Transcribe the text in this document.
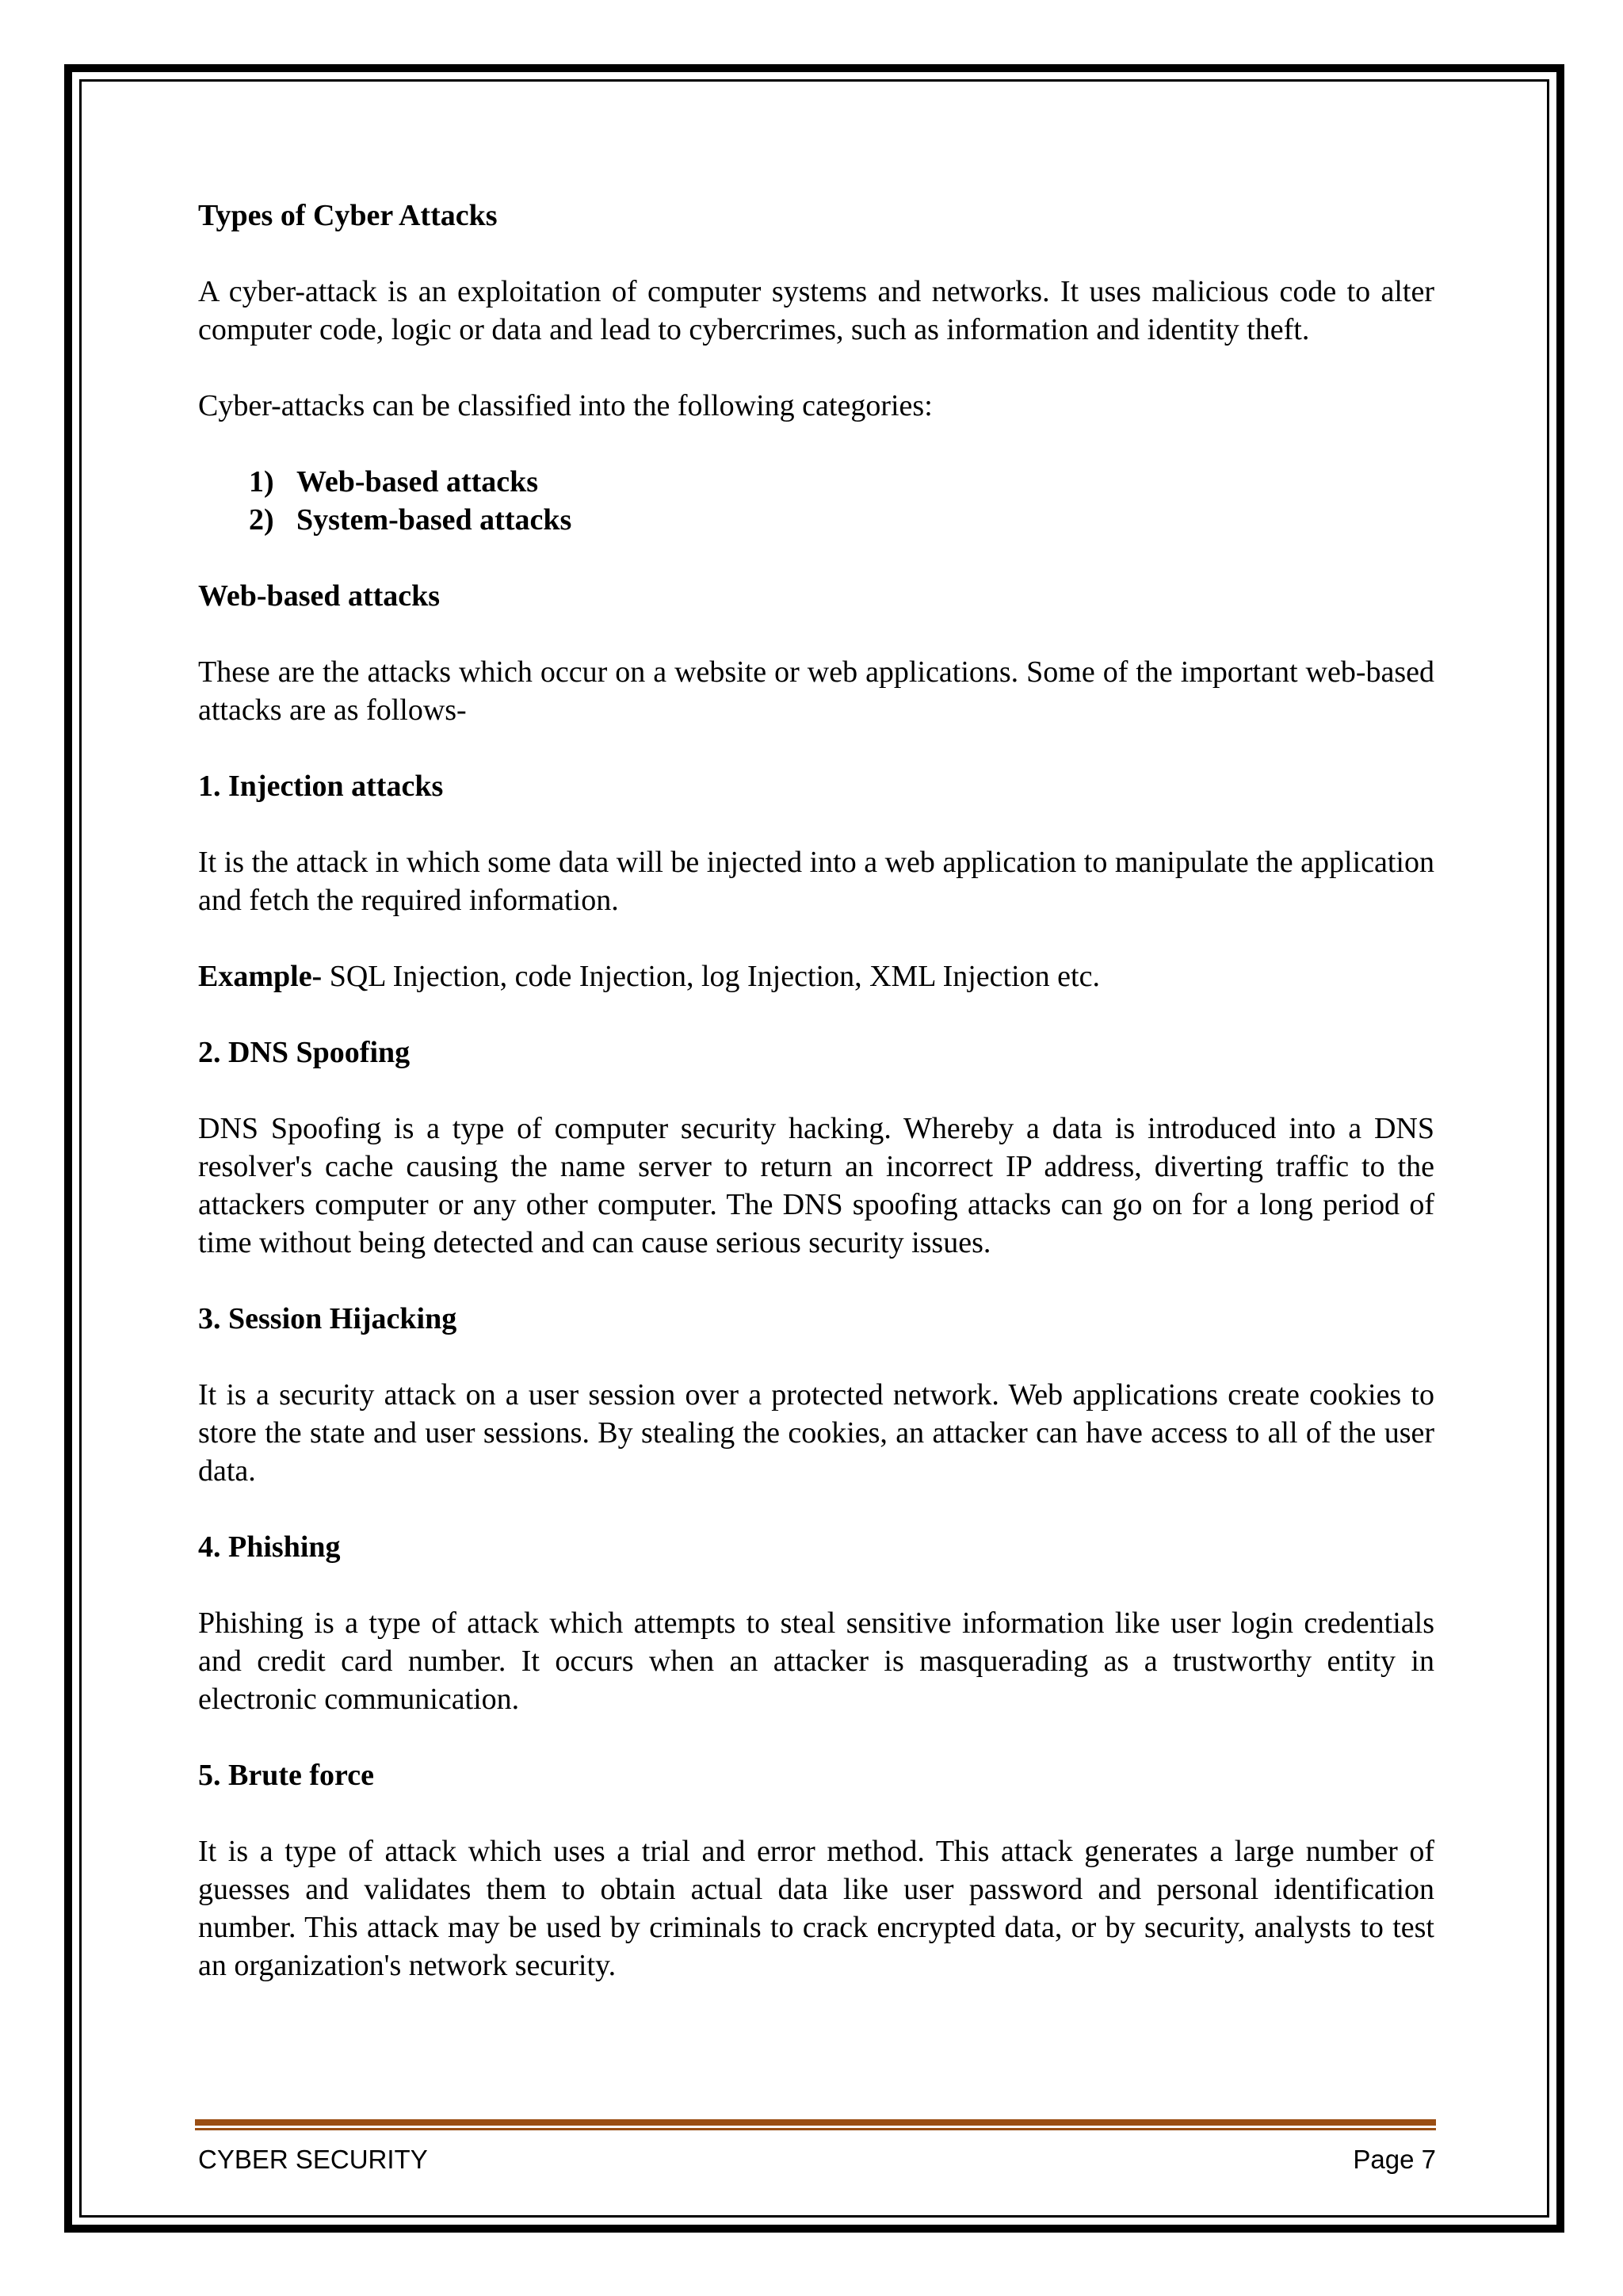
Types of Cyber Attacks

A cyber-attack is an exploitation of computer systems and networks. It uses malicious code to alter computer code, logic or data and lead to cybercrimes, such as information and identity theft.

Cyber-attacks can be classified into the following categories:

1) Web-based attacks
2) System-based attacks
Web-based attacks

These are the attacks which occur on a website or web applications. Some of the important web-based attacks are as follows-

1. Injection attacks

It is the attack in which some data will be injected into a web application to manipulate the application and fetch the required information.

Example- SQL Injection, code Injection, log Injection, XML Injection etc.

2. DNS Spoofing

DNS Spoofing is a type of computer security hacking. Whereby a data is introduced into a DNS resolver's cache causing the name server to return an incorrect IP address, diverting traffic to the attackers computer or any other computer. The DNS spoofing attacks can go on for a long period of time without being detected and can cause serious security issues.

3. Session Hijacking

It is a security attack on a user session over a protected network. Web applications create cookies to store the state and user sessions. By stealing the cookies, an attacker can have access to all of the user data.

4. Phishing

Phishing is a type of attack which attempts to steal sensitive information like user login credentials and credit card number. It occurs when an attacker is masquerading as a trustworthy entity in electronic communication.

5. Brute force

It is a type of attack which uses a trial and error method. This attack generates a large number of guesses and validates them to obtain actual data like user password and personal identification number. This attack may be used by criminals to crack encrypted data, or by security, analysts to test an organization's network security.

CYBER SECURITY	Page 7
